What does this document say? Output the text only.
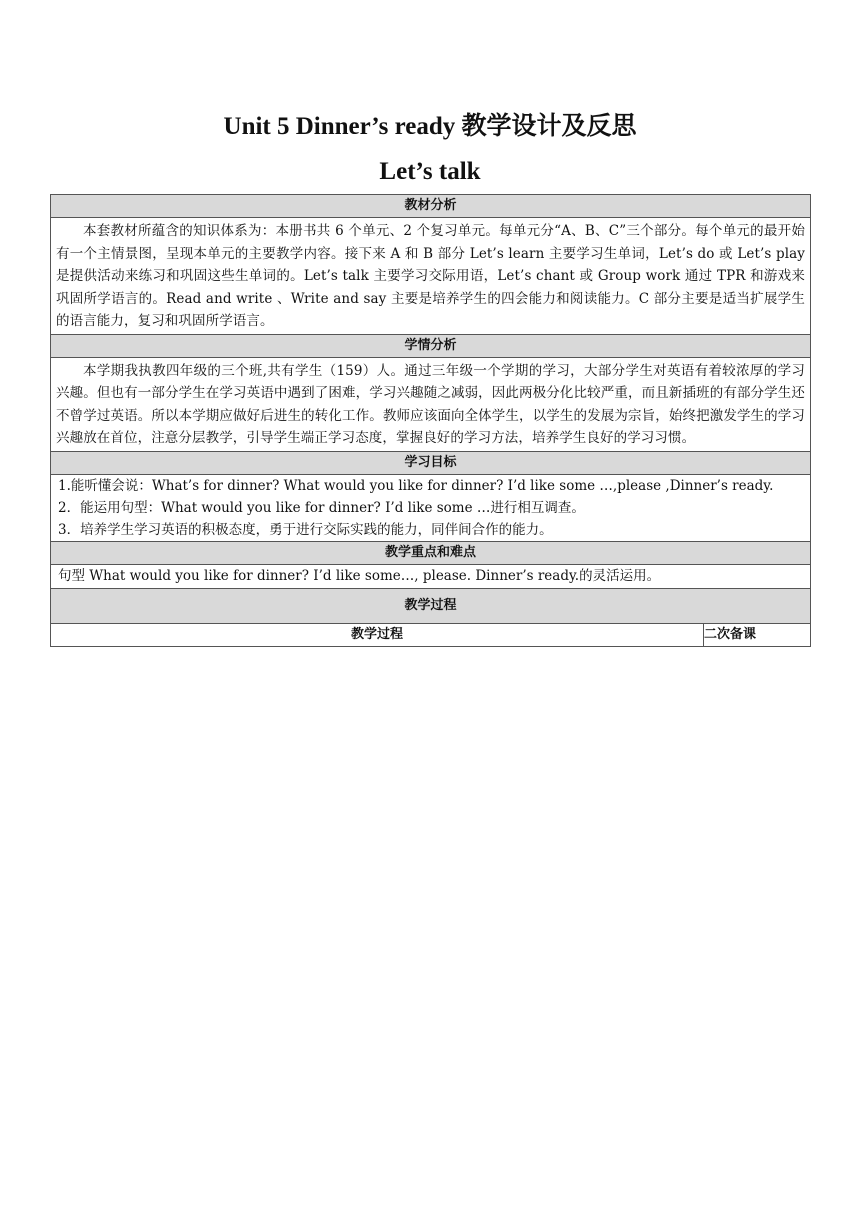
Unit 5 Dinner’s ready 教学设计及反思
Let’s talk
教材分析

本套教材所蕴含的知识体系为：本册书共 6 个单元、2 个复习单元。每单元分“A、B、C”三个部分。每个单元的最开始有一个主情景图，呈现本单元的主要教学内容。接下来 A 和 B 部分 Let’s learn 主要学习生单词，Let’s do 或 Let’s play 是提供活动来练习和巩固这些生单词的。Let’s talk 主要学习交际用语，Let’s chant 或 Group work 通过 TPR 和游戏来巩固所学语言的。Read and write 、Write and say 主要是培养学生的四会能力和阅读能力。C 部分主要是适当扩展学生的语言能力，复习和巩固所学语言。

学情分析

本学期我执教四年级的三个班,共有学生（159）人。通过三年级一个学期的学习，大部分学生对英语有着较浓厚的学习兴趣。但也有一部分学生在学习英语中遇到了困难，学习兴趣随之减弱，因此两极分化比较严重，而且新插班的有部分学生还不曾学过英语。所以本学期应做好后进生的转化工作。教师应该面向全体学生，以学生的发展为宗旨，始终把激发学生的学习兴趣放在首位，注意分层教学，引导学生端正学习态度，掌握良好的学习方法，培养学生良好的学习习惯。

学习目标

1.能听懂会说：What’s for dinner? What would you like for dinner? I’d like some …,please ,Dinner’s ready.
2．能运用句型：What would you like for dinner? I’d like some …进行相互调查。
3．培养学生学习英语的积极态度，勇于进行交际实践的能力，同伴间合作的能力。

教学重点和难点

句型 What would you like for dinner? I’d like some…, please. Dinner’s ready.的灵活运用。

教学过程
教学过程	二次备课
